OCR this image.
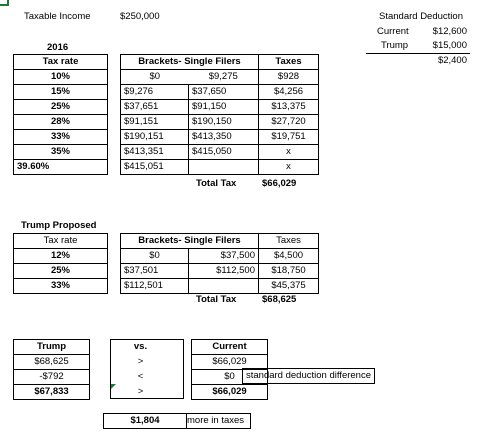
Taxable Income	$250,000	Standard Deduction
Current	$12,600
Trump	$15,000
$2,400
2016
Tax rate		Brackets- Single Filers		Taxes
10%		$0	$9,275	$928
15%		$9,276	$37,650	$4,256
25%		$37,651	$91,150	$13,375
28%		$91,151	$190,150	$27,720
33%		$190,151	$413,350	$19,751
35%		$413,351	$415,050	x
39.60%		$415,051		x
Total Tax	$66,029
Trump Proposed
Tax rate		Brackets- Single Filers		Taxes
12%		$0	$37,500	$4,500
25%		$37,501	$112,500	$18,750
33%		$112,501		$45,375
Total Tax	$68,625
Trump		vs.		Current
$68,625		>		$66,029
-$792		<		$0
$67,833		>		$66,029
standard deduction difference
$1,804	more in taxes
